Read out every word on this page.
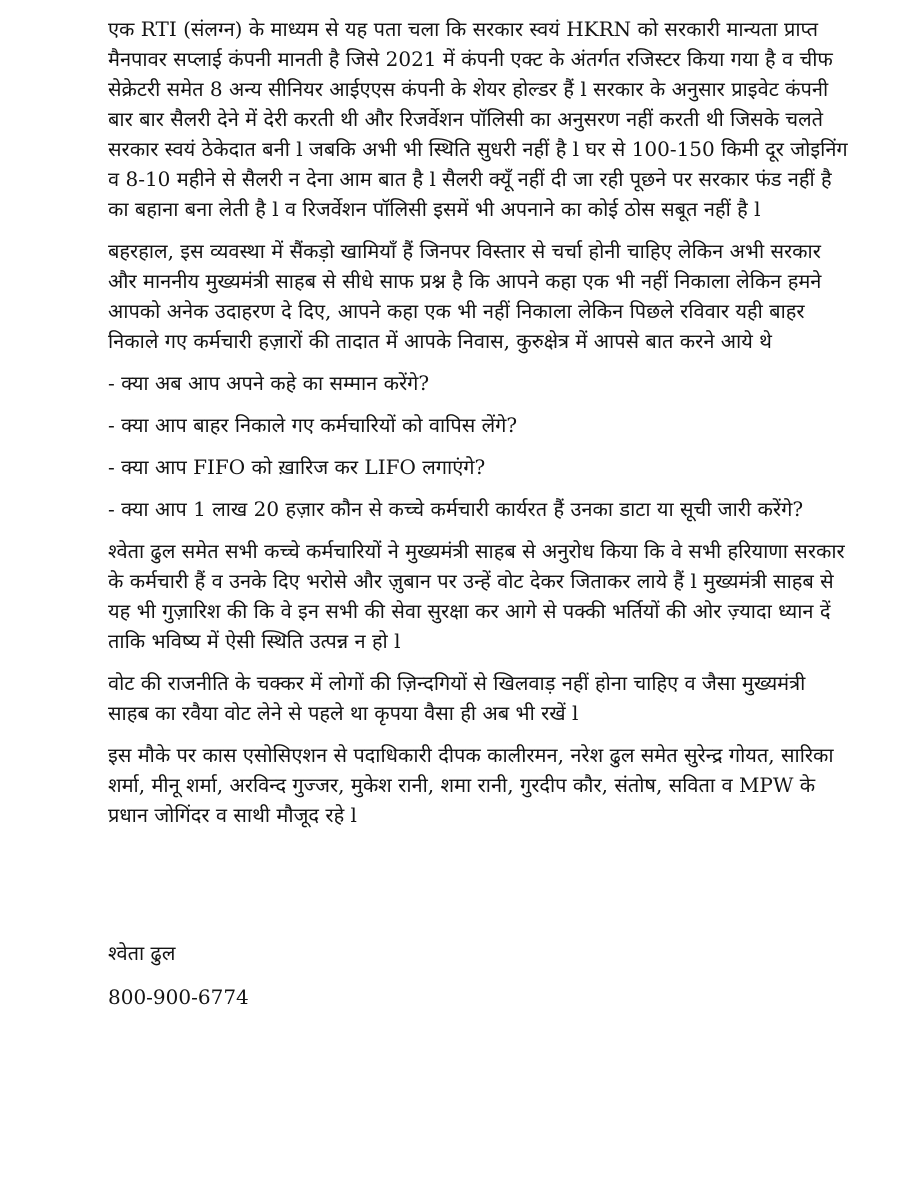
एक RTI (संलग्न) के माध्यम से यह पता चला कि सरकार स्वयं HKRN को सरकारी मान्यता प्राप्त मैनपावर सप्लाई कंपनी मानती है जिसे 2021 में कंपनी एक्ट के अंतर्गत रजिस्टर किया गया है व चीफ सेक्रेटरी समेत 8 अन्य सीनियर आईएएस कंपनी के शेयर होल्डर हैं l सरकार के अनुसार प्राइवेट कंपनी बार बार सैलरी देने में देरी करती थी और रिजर्वेशन पॉलिसी का अनुसरण नहीं करती थी जिसके चलते सरकार स्वयं ठेकेदात बनी l जबकि अभी भी स्थिति सुधरी नहीं है l घर से 100-150 किमी दूर जोइनिंग व 8-10 महीने से सैलरी न देना आम बात है l सैलरी क्यूँ नहीं दी जा रही पूछने पर सरकार फंड नहीं है का बहाना बना लेती है l व रिजर्वेशन पॉलिसी इसमें भी अपनाने का कोई ठोस सबूत नहीं है l

बहरहाल, इस व्यवस्था में सैंकड़ो खामियाँ हैं जिनपर विस्तार से चर्चा होनी चाहिए लेकिन अभी सरकार और माननीय मुख्यमंत्री साहब से सीधे साफ प्रश्न है कि आपने कहा एक भी नहीं निकाला लेकिन हमने आपको अनेक उदाहरण दे दिए, आपने कहा एक भी नहीं निकाला लेकिन पिछले रविवार यही बाहर निकाले गए कर्मचारी हज़ारों की तादात में आपके निवास, कुरुक्षेत्र में आपसे बात करने आये थे

- क्या अब आप अपने कहे का सम्मान करेंगे?

- क्या आप बाहर निकाले गए कर्मचारियों को वापिस लेंगे?

- क्या आप FIFO को ख़ारिज कर LIFO लगाएंगे?

- क्या आप 1 लाख 20 हज़ार कौन से कच्चे कर्मचारी कार्यरत हैं उनका डाटा या सूची जारी करेंगे?

श्वेता ढुल समेत सभी कच्चे कर्मचारियों ने मुख्यमंत्री साहब से अनुरोध किया कि वे सभी हरियाणा सरकार के कर्मचारी हैं व उनके दिए भरोसे और ज़ुबान पर उन्हें वोट देकर जिताकर लाये हैं l मुख्यमंत्री साहब से यह भी गुज़ारिश की कि वे इन सभी की सेवा सुरक्षा कर आगे से पक्की भर्तियों की ओर ज़्यादा ध्यान दें ताकि भविष्य में ऐसी स्थिति उत्पन्न न हो l

वोट की राजनीति के चक्कर में लोगों की ज़िन्दगियों से खिलवाड़ नहीं होना चाहिए व जैसा मुख्यमंत्री साहब का रवैया वोट लेने से पहले था कृपया वैसा ही अब भी रखें l

इस मौके पर कास एसोसिएशन से पदाधिकारी दीपक कालीरमन, नरेश ढुल समेत सुरेन्द्र गोयत, सारिका शर्मा, मीनू शर्मा, अरविन्द गुज्जर, मुकेश रानी, शमा रानी, गुरदीप कौर, संतोष, सविता व MPW के प्रधान जोगिंदर व साथी मौजूद रहे l

श्वेता ढुल

800-900-6774
